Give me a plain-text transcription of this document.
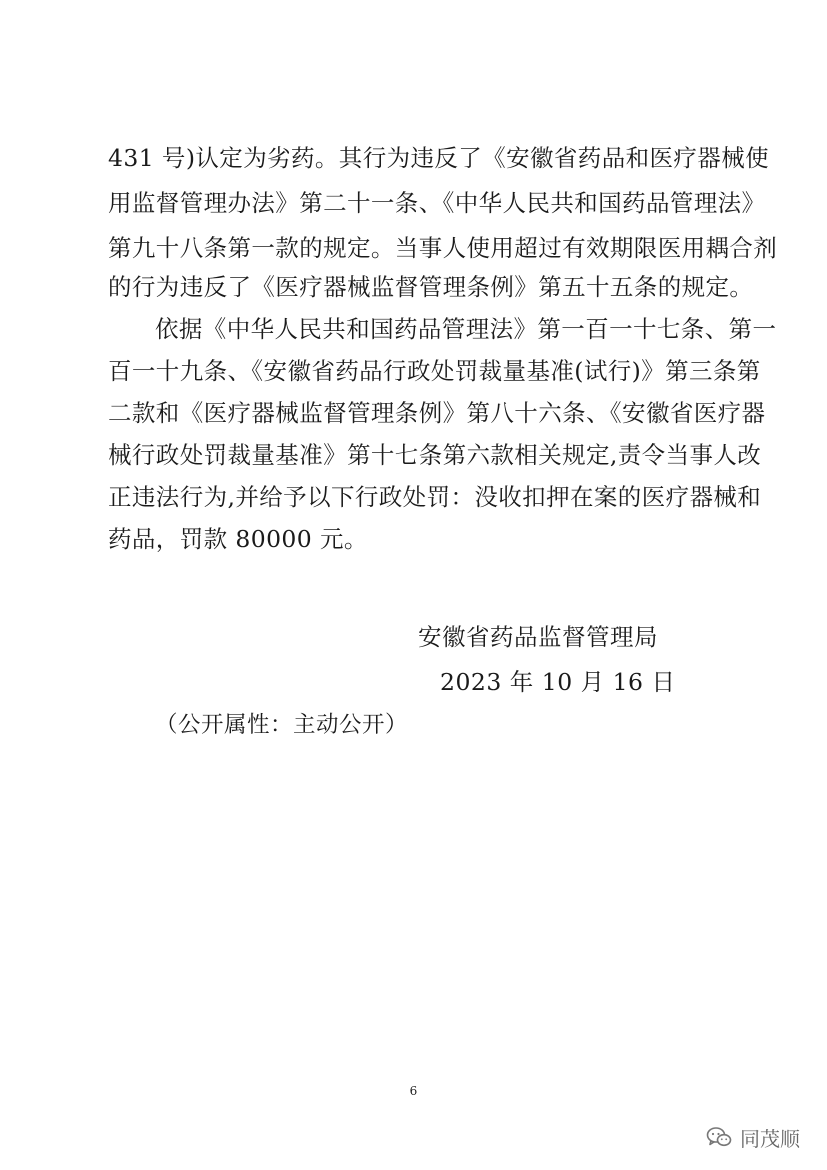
431 号)认定为劣药。其行为违反了《安徽省药品和医疗器械使
用监督管理办法》第二十一条、《中华人民共和国药品管理法》
第九十八条第一款的规定。当事人使用超过有效期限医用耦合剂
的行为违反了《医疗器械监督管理条例》第五十五条的规定。
依据《中华人民共和国药品管理法》第一百一十七条、第一
百一十九条、《安徽省药品行政处罚裁量基准(试行)》第三条第
二款和《医疗器械监督管理条例》第八十六条、《安徽省医疗器
械行政处罚裁量基准》第十七条第六款相关规定,责令当事人改
正违法行为,并给予以下行政处罚：没收扣押在案的医疗器械和
药品，罚款 80000 元。
安徽省药品监督管理局
2023 年 10 月 16 日
（公开属性：主动公开）
6
同茂顺
